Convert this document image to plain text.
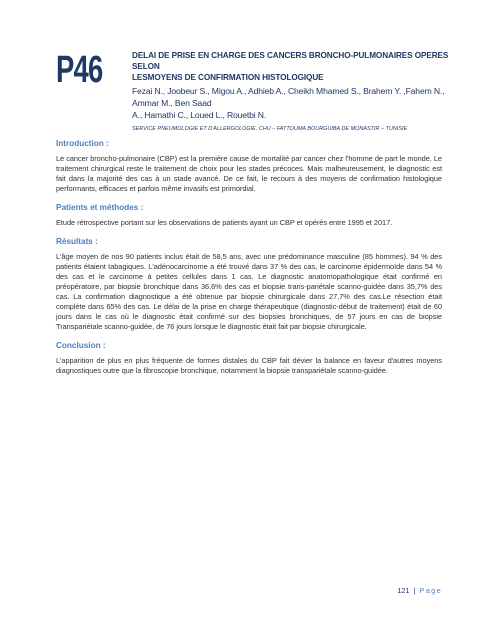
P46	DELAI DE PRISE EN CHARGE DES CANCERS BRONCHO-PULMONAIRES OPERES SELON
LESMOYENS DE CONFIRMATION HISTOLOGIQUE
Fezai N., Joobeur S., Migou A., Adhieb A., Cheikh Mhamed S., Brahem Y. ,Fahem N., Ammar M., Ben Saad
A., Hamathi C., Loued L., Rouetbi N.
SERVICE PNEUMOLOGIE ET D'ALLERGOLOGIE. CHU – FATTOUMA BOURGUIBA DE MONASTIR – TUNISIE
Introduction :

Le cancer broncho-pulmonaire (CBP) est la première cause de mortalité par cancer chez l'homme de part le monde. Le traitement chirurgical reste le traitement de choix pour les stades précoces. Mais malheureusement, le diagnostic est fait dans la majorité des cas à un stade avancé. De ce fait, le recours à des moyens de confirmation histologique performants, efficaces et parfois même invasifs est primordial.

Patients et méthodes :

Etude rétrospective portant sur les observations de patients ayant un CBP et opérés entre 1995 et 2017.

Résultats :

L'âge moyen de nos 90 patients inclus était de 58,5 ans, avec une prédominance masculine (85 hommes). 94 % des patients étaient tabagiques. L'adénocarcinome a été trouvé dans 37 % des cas, le carcinome épidermoïde dans 54 % des cas et le carcinome à petites cellules dans 1 cas. Le diagnostic anatomopathologique était confirmé en préopératoire, par biopsie bronchique dans 36,6% des cas et biopsie trans-pariétale scanno-guidée dans 35,7% des cas. La confirmation diagnostique a été obtenue par biopsie chirurgicale dans 27,7% des cas.Le résection était complète dans 65% des cas. Le délai de la prise en charge thérapeutique (diagnostic-début de traitement) était de 60 jours dans le cas où le diagnostic était confirmé sur des biopsies bronchiques, de 57 jours en cas de biopsie Transpariétale scanno-guidée, de 76 jours lorsque le diagnostic était fait par biopsie chirurgicale.

Conclusion :

L'apparition de plus en plus fréquente de formes distales du CBP fait dévier la balance en faveur d'autres moyens diagnostiques outre que la fibroscopie bronchique, notamment la biopsie transpariétale scanno-guidée.

121 | Page
